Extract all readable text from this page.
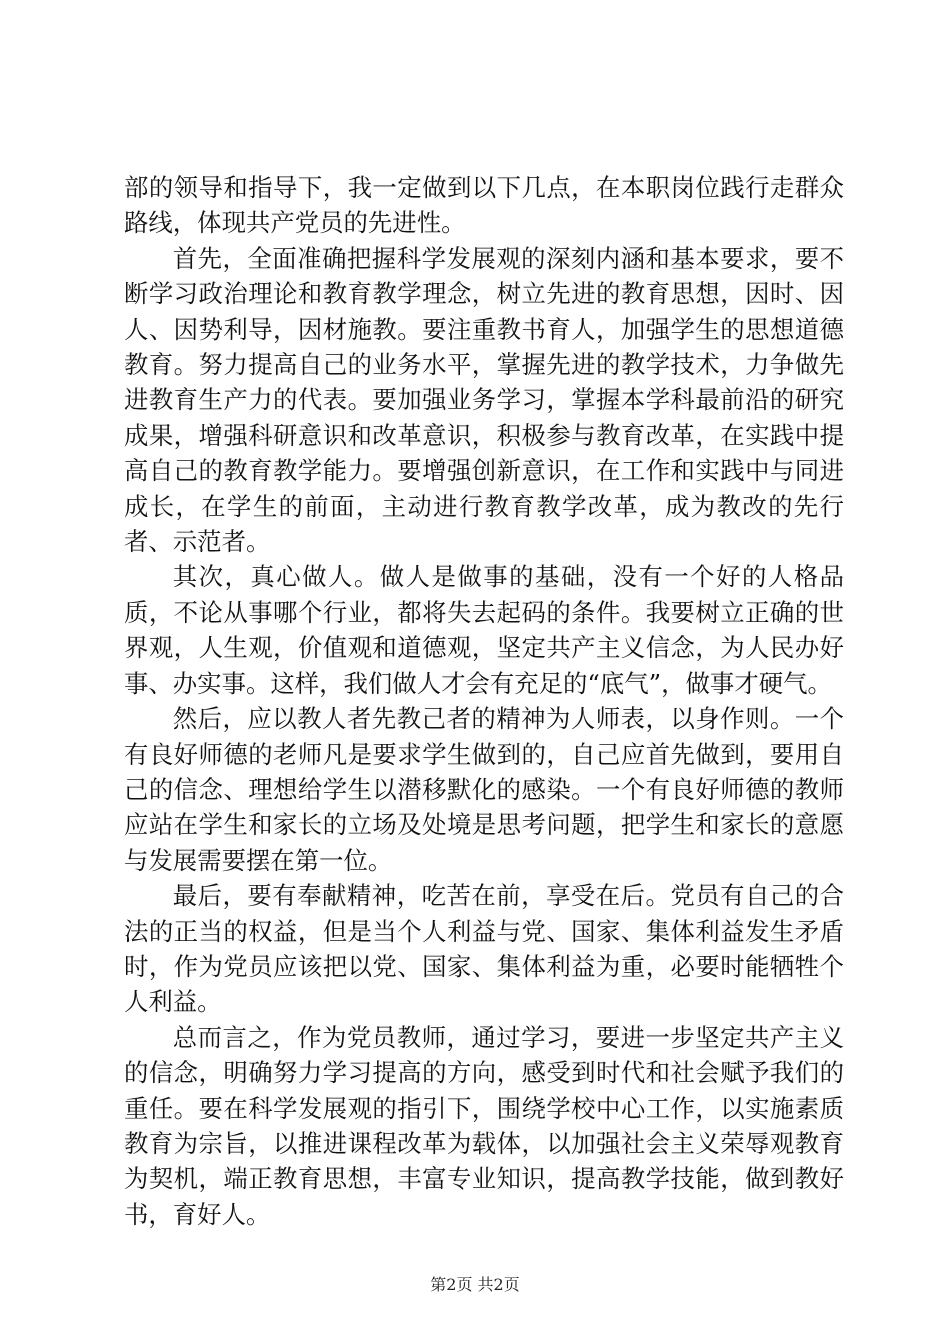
部的领导和指导下，我一定做到以下几点，在本职岗位践行走群众路线，体现共产党员的先进性。

首先，全面准确把握科学发展观的深刻内涵和基本要求，要不断学习政治理论和教育教学理念，树立先进的教育思想，因时、因人、因势利导，因材施教。要注重教书育人，加强学生的思想道德教育。努力提高自己的业务水平，掌握先进的教学技术，力争做先进教育生产力的代表。要加强业务学习，掌握本学科最前沿的研究成果，增强科研意识和改革意识，积极参与教育改革，在实践中提高自己的教育教学能力。要增强创新意识，在工作和实践中与同进成长，在学生的前面，主动进行教育教学改革，成为教改的先行者、示范者。

其次，真心做人。做人是做事的基础，没有一个好的人格品质，不论从事哪个行业，都将失去起码的条件。我要树立正确的世界观，人生观，价值观和道德观，坚定共产主义信念，为人民办好事、办实事。这样，我们做人才会有充足的“底气”，做事才硬气。

然后，应以教人者先教己者的精神为人师表，以身作则。一个有良好师德的老师凡是要求学生做到的，自己应首先做到，要用自己的信念、理想给学生以潜移默化的感染。一个有良好师德的教师应站在学生和家长的立场及处境是思考问题，把学生和家长的意愿与发展需要摆在第一位。

最后，要有奉献精神，吃苦在前，享受在后。党员有自己的合法的正当的权益，但是当个人利益与党、国家、集体利益发生矛盾时，作为党员应该把以党、国家、集体利益为重，必要时能牺牲个人利益。

总而言之，作为党员教师，通过学习，要进一步坚定共产主义的信念，明确努力学习提高的方向，感受到时代和社会赋予我们的重任。要在科学发展观的指引下，围绕学校中心工作，以实施素质教育为宗旨，以推进课程改革为载体，以加强社会主义荣辱观教育为契机，端正教育思想，丰富专业知识，提高教学技能，做到教好书，育好人。

第2页 共2页
